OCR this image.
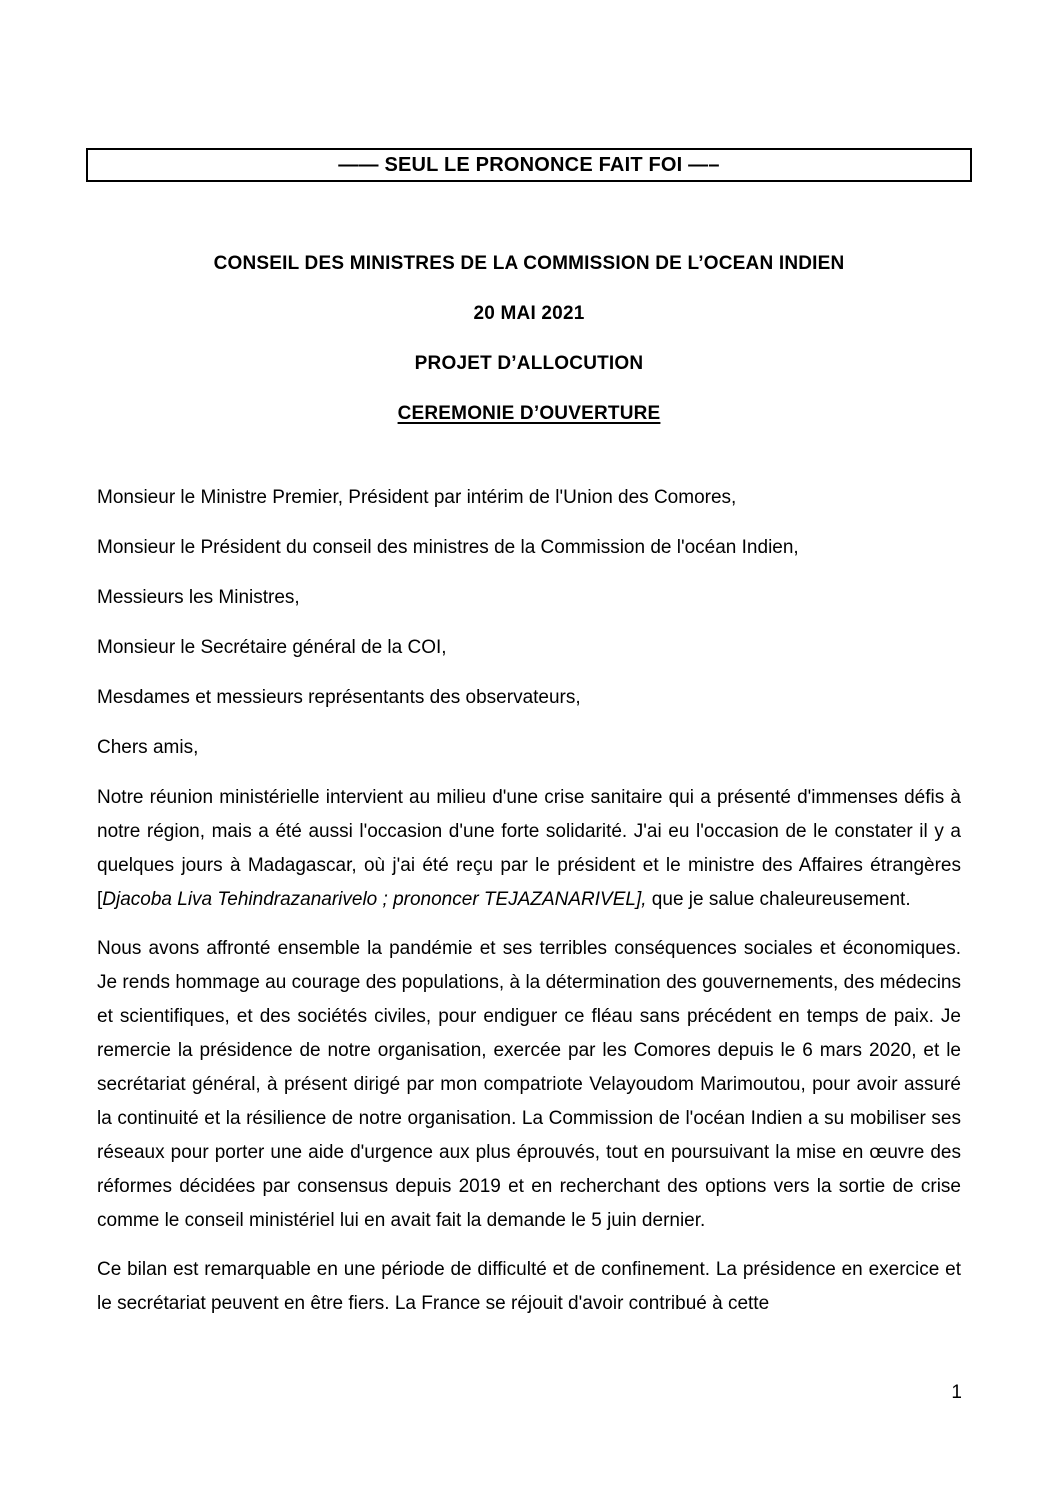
—— SEUL LE PRONONCE FAIT FOI —–

CONSEIL DES MINISTRES DE LA COMMISSION DE L’OCEAN INDIEN

20 MAI 2021

PROJET D’ALLOCUTION

CEREMONIE D’OUVERTURE

Monsieur le Ministre Premier, Président par intérim de l'Union des Comores,

Monsieur le Président du conseil des ministres de la Commission de l'océan Indien,

Messieurs les Ministres,

Monsieur le Secrétaire général de la COI,

Mesdames et messieurs représentants des observateurs,

Chers amis,

Notre réunion ministérielle intervient au milieu d'une crise sanitaire qui a présenté d'immenses défis à notre région, mais a été aussi l'occasion d'une forte solidarité. J'ai eu l'occasion de le constater il y a quelques jours à Madagascar, où j'ai été reçu par le président et le ministre des Affaires étrangères [Djacoba Liva Tehindrazanarivelo ; prononcer TEJAZANARIVEL], que je salue chaleureusement.

Nous avons affronté ensemble la pandémie et ses terribles conséquences sociales et économiques. Je rends hommage au courage des populations, à la détermination des gouvernements, des médecins et scientifiques, et des sociétés civiles, pour endiguer ce fléau sans précédent en temps de paix. Je remercie la présidence de notre organisation, exercée par les Comores depuis le 6 mars 2020, et le secrétariat général, à présent dirigé par mon compatriote Velayoudom Marimoutou, pour avoir assuré la continuité et la résilience de notre organisation. La Commission de l'océan Indien a su mobiliser ses réseaux pour porter une aide d'urgence aux plus éprouvés, tout en poursuivant la mise en œuvre des réformes décidées par consensus depuis 2019 et en recherchant des options vers la sortie de crise comme le conseil ministériel lui en avait fait la demande le 5 juin dernier.

Ce bilan est remarquable en une période de difficulté et de confinement. La présidence en exercice et le secrétariat peuvent en être fiers. La France se réjouit d'avoir contribué à cette

1
